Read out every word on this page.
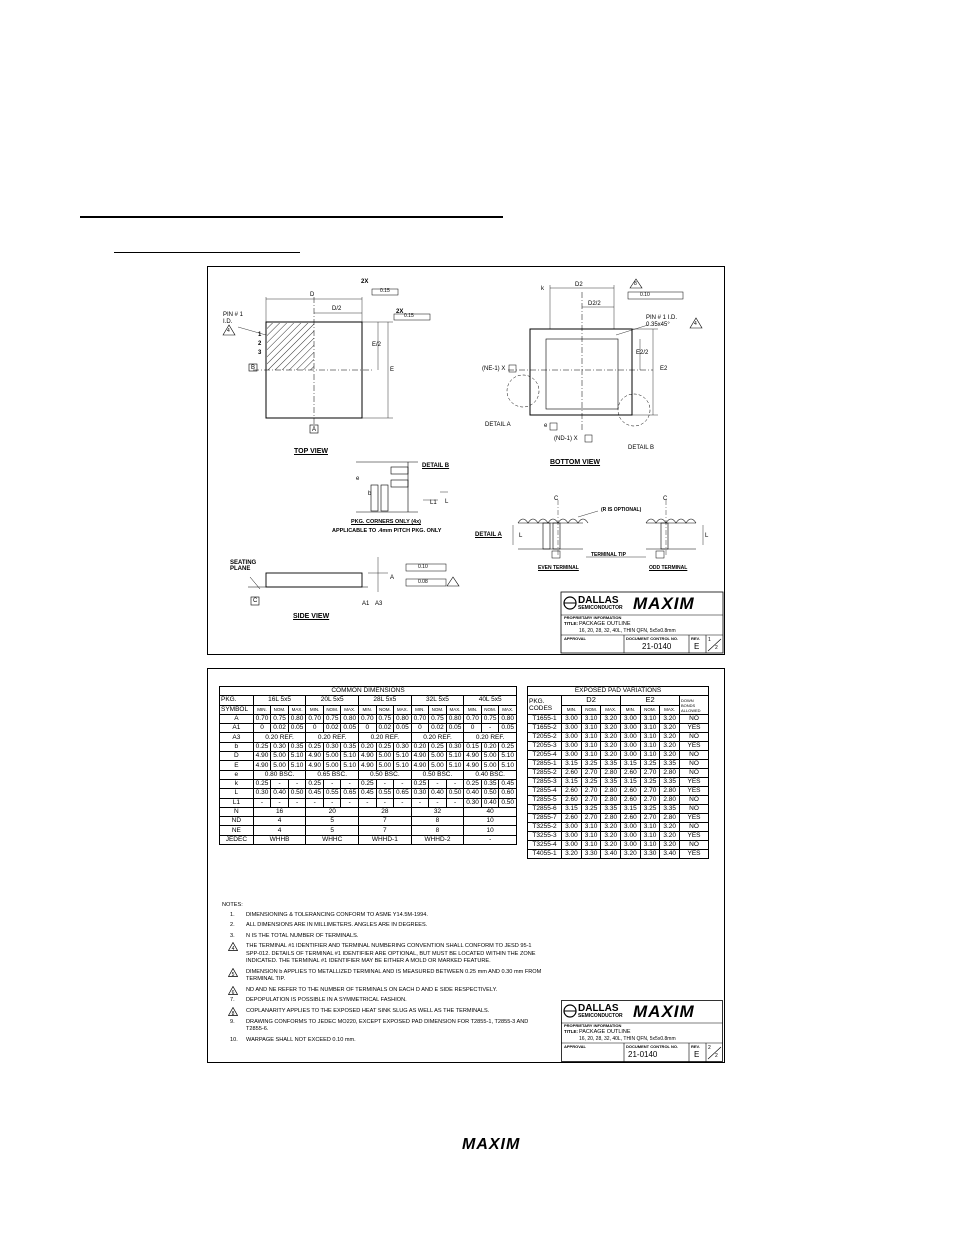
PIN # 1
I.D.
4
D
D/2
E/2
E
B
A
1
2
3
2X
0.15
2X
0.15
TOP VIEW
DETAIL B
e
b
L1 L
PKG. CORNERS ONLY (4x)
APPLICABLE TO .4mm PITCH PKG. ONLY
SEATING PLANE
C
A
A1 A3
0.10
0.08
SIDE VIEW
D2
D2/2
E2/2
E2
PIN # 1 I.D.
0.35x45°	4
8
0.10
(NE-1) X
(ND-1) X
DETAIL A
DETAIL B
k
e
BOTTOM VIEW
DETAIL A	L	L
C	C
(R IS OPTIONAL)
TERMINAL TIP
EVEN TERMINAL	ODD TERMINAL
DALLAS
SEMICONDUCTOR MAXIM
PROPRIETARY INFORMATION
TITLE: PACKAGE OUTLINE
16, 20, 28, 32, 40L, THIN QFN, 5x5x0.8mm
APPROVAL	DOCUMENT CONTROL NO.	REV.
21-0140	E
1
2
COMMON DIMENSIONS															
PKG.	16L 5x5			20L 5x5			28L 5x5			32L 5x5			40L 5x5		
SYMBOL	MIN.	NOM.	MAX.	MIN.	NOM.	MAX.	MIN.	NOM.	MAX.	MIN.	NOM.	MAX.	MIN.	NOM.	MAX.
A	0.70	0.75	0.80	0.70	0.75	0.80	0.70	0.75	0.80	0.70	0.75	0.80	0.70	0.75	0.80
A1	0	0.02	0.05	0	0.02	0.05	0	0.02	0.05	0	0.02	0.05	0	-	0.05
A3	0.20 REF.			0.20 REF.			0.20 REF.			0.20 REF.			0.20 REF.		
b	0.25	0.30	0.35	0.25	0.30	0.35	0.20	0.25	0.30	0.20	0.25	0.30	0.15	0.20	0.25
D	4.90	5.00	5.10	4.90	5.00	5.10	4.90	5.00	5.10	4.90	5.00	5.10	4.90	5.00	5.10
E	4.90	5.00	5.10	4.90	5.00	5.10	4.90	5.00	5.10	4.90	5.00	5.10	4.90	5.00	5.10
e	0.80 BSC.			0.65 BSC.			0.50 BSC.			0.50 BSC.			0.40 BSC.		
k	0.25	-	-	0.25	-	-	0.25	-	-	0.25	-	-	0.25	0.35	0.45
L	0.30	0.40	0.50	0.45	0.55	0.65	0.45	0.55	0.65	0.30	0.40	0.50	0.40	0.50	0.60
L1	-	-	-	-	-	-	-	-	-	-	-	-	0.30	0.40	0.50
N	16			20			28			32			40		
ND	4			5			7			8			10		
NE	4			5			7			8			10		
JEDEC	WHHB			WHHC			WHHD-1			WHHD-2			-		
EXPOSED PAD VARIATIONS							
PKG.
CODES	D2			E2			DOWN BONDS ALLOWED
	MIN.	NOM.	MAX.	MIN.	NOM.	MAX.	
T1655-1	3.00	3.10	3.20	3.00	3.10	3.20	NO
T1655-2	3.00	3.10	3.20	3.00	3.10	3.20	YES
T2055-2	3.00	3.10	3.20	3.00	3.10	3.20	NO
T2055-3	3.00	3.10	3.20	3.00	3.10	3.20	YES
T2055-4	3.00	3.10	3.20	3.00	3.10	3.20	NO
T2855-1	3.15	3.25	3.35	3.15	3.25	3.35	NO
T2855-2	2.60	2.70	2.80	2.60	2.70	2.80	NO
T2855-3	3.15	3.25	3.35	3.15	3.25	3.35	YES
T2855-4	2.60	2.70	2.80	2.60	2.70	2.80	YES
T2855-5	2.60	2.70	2.80	2.60	2.70	2.80	NO
T2855-6	3.15	3.25	3.35	3.15	3.25	3.35	NO
T2855-7	2.60	2.70	2.80	2.60	2.70	2.80	YES
T3255-2	3.00	3.10	3.20	3.00	3.10	3.20	NO
T3255-3	3.00	3.10	3.20	3.00	3.10	3.20	YES
T3255-4	3.00	3.10	3.20	3.00	3.10	3.20	NO
T4055-1	3.20	3.30	3.40	3.20	3.30	3.40	YES
NOTES:
1. DIMENSIONING & TOLERANCING CONFORM TO ASME Y14.5M-1994.
2. ALL DIMENSIONS ARE IN MILLIMETERS. ANGLES ARE IN DEGREES.
3. N IS THE TOTAL NUMBER OF TERMINALS.
4 THE TERMINAL #1 IDENTIFIER AND TERMINAL NUMBERING CONVENTION SHALL CONFORM TO JESD 95-1 SPP-012. DETAILS OF TERMINAL #1 IDENTIFIER ARE OPTIONAL, BUT MUST BE LOCATED WITHIN THE ZONE INDICATED. THE TERMINAL #1 IDENTIFIER MAY BE EITHER A MOLD OR MARKED FEATURE.
5 DIMENSION b APPLIES TO METALLIZED TERMINAL AND IS MEASURED BETWEEN 0.25 mm AND 0.30 mm FROM TERMINAL TIP.
6 ND AND NE REFER TO THE NUMBER OF TERMINALS ON EACH D AND E SIDE RESPECTIVELY.
7. DEPOPULATION IS POSSIBLE IN A SYMMETRICAL FASHION.
8 COPLANARITY APPLIES TO THE EXPOSED HEAT SINK SLUG AS WELL AS THE TERMINALS.
9. DRAWING CONFORMS TO JEDEC MO220, EXCEPT EXPOSED PAD DIMENSION FOR T2855-1, T2855-3 AND T2855-6.
10. WARPAGE SHALL NOT EXCEED 0.10 mm.
DALLAS
SEMICONDUCTOR MAXIM
PROPRIETARY INFORMATION
TITLE: PACKAGE OUTLINE
16, 20, 28, 32, 40L, THIN QFN, 5x5x0.8mm
APPROVAL	DOCUMENT CONTROL NO.	REV.
21-0140	E
2
2
MAXIM
